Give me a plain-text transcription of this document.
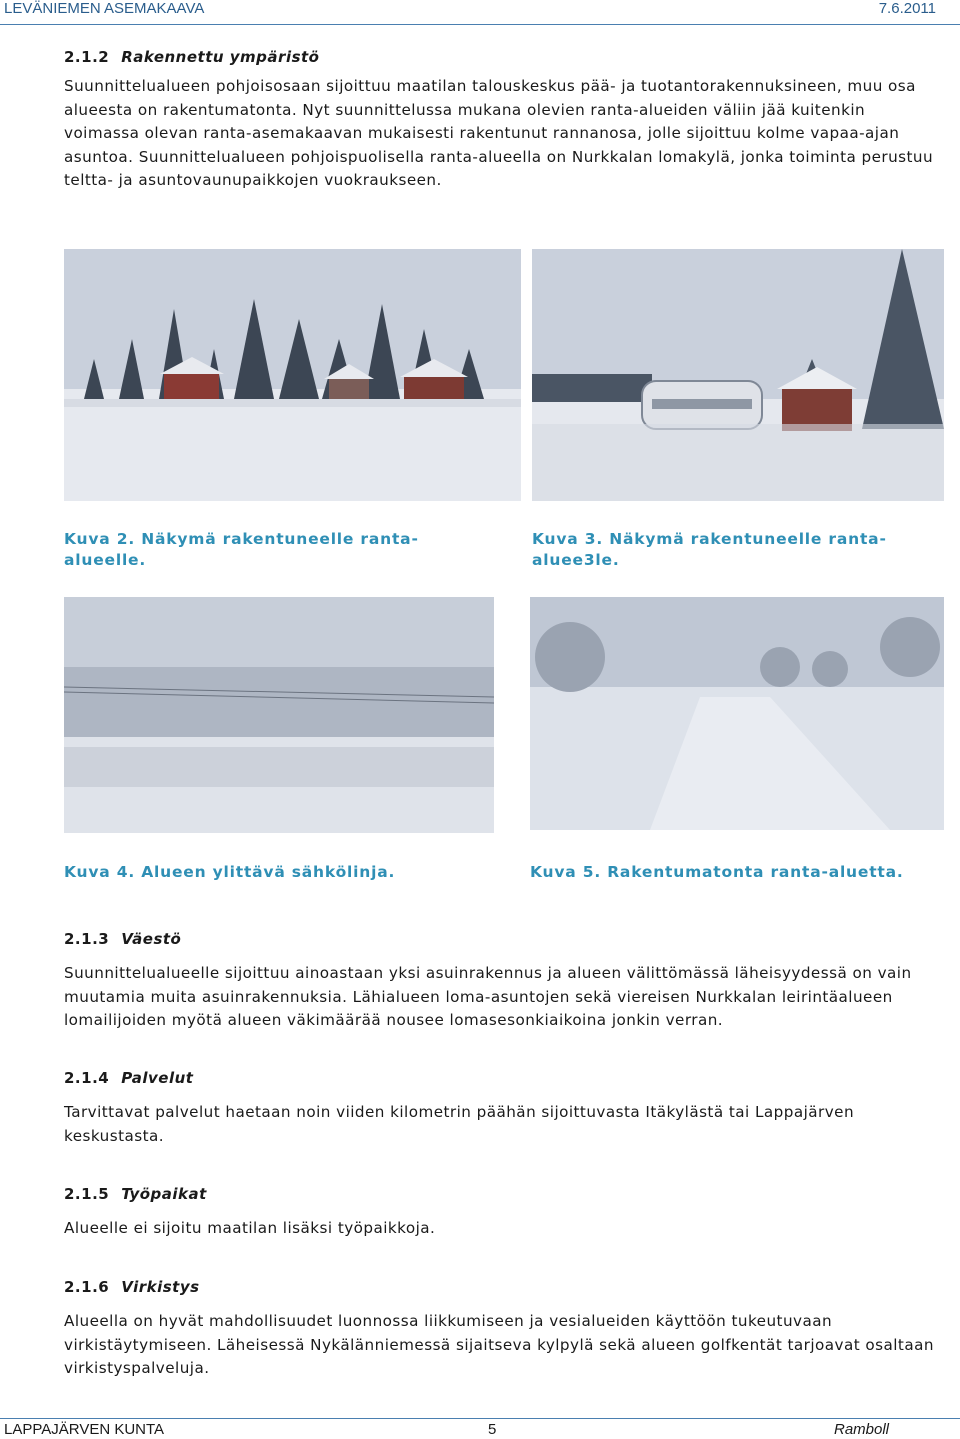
LEVÄNIEMEN ASEMAKAAVA	7.6.2011
2.1.2 Rakennettu ympäristö

Suunnittelualueen pohjoisosaan sijoittuu maatilan talouskeskus pää- ja tuotantorakennuksineen, muu osa alueesta on rakentumatonta. Nyt suunnittelussa mukana olevien ranta-alueiden väliin jää kuitenkin voimassa olevan ranta-asemakaavan mukaisesti rakentunut rannanosa, jolle sijoittuu kolme vapaa-ajan asuntoa. Suunnittelualueen pohjoispuolisella ranta-alueella on Nurkkalan lomakylä, jonka toiminta perustuu teltta- ja asuntovaunupaikkojen vuokraukseen.

Kuva 2. Näkymä rakentuneelle ranta-alueelle.
Kuva 3. Näkymä rakentuneelle ranta-aluee3le.
Kuva 4. Alueen ylittävä sähkölinja.	Kuva 5. Rakentumatonta ranta-aluetta.
2.1.3 Väestö

Suunnittelualueelle sijoittuu ainoastaan yksi asuinrakennus ja alueen välittömässä läheisyydessä on vain muutamia muita asuinrakennuksia. Lähialueen loma-asuntojen sekä viereisen Nurkkalan leirintäalueen lomailijoiden myötä alueen väkimäärää nousee lomasesonkiaikoina jonkin verran.

2.1.4 Palvelut

Tarvittavat palvelut haetaan noin viiden kilometrin päähän sijoittuvasta Itäkylästä tai Lappajärven keskustasta.

2.1.5 Työpaikat

Alueelle ei sijoitu maatilan lisäksi työpaikkoja.

2.1.6 Virkistys

Alueella on hyvät mahdollisuudet luonnossa liikkumiseen ja vesialueiden käyttöön tukeutuvaan virkistäytymiseen. Läheisessä Nykälänniemessä sijaitseva kylpylä sekä alueen golfkentät tarjoavat osaltaan virkistyspalveluja.

LAPPAJÄRVEN KUNTA	5	Ramboll
